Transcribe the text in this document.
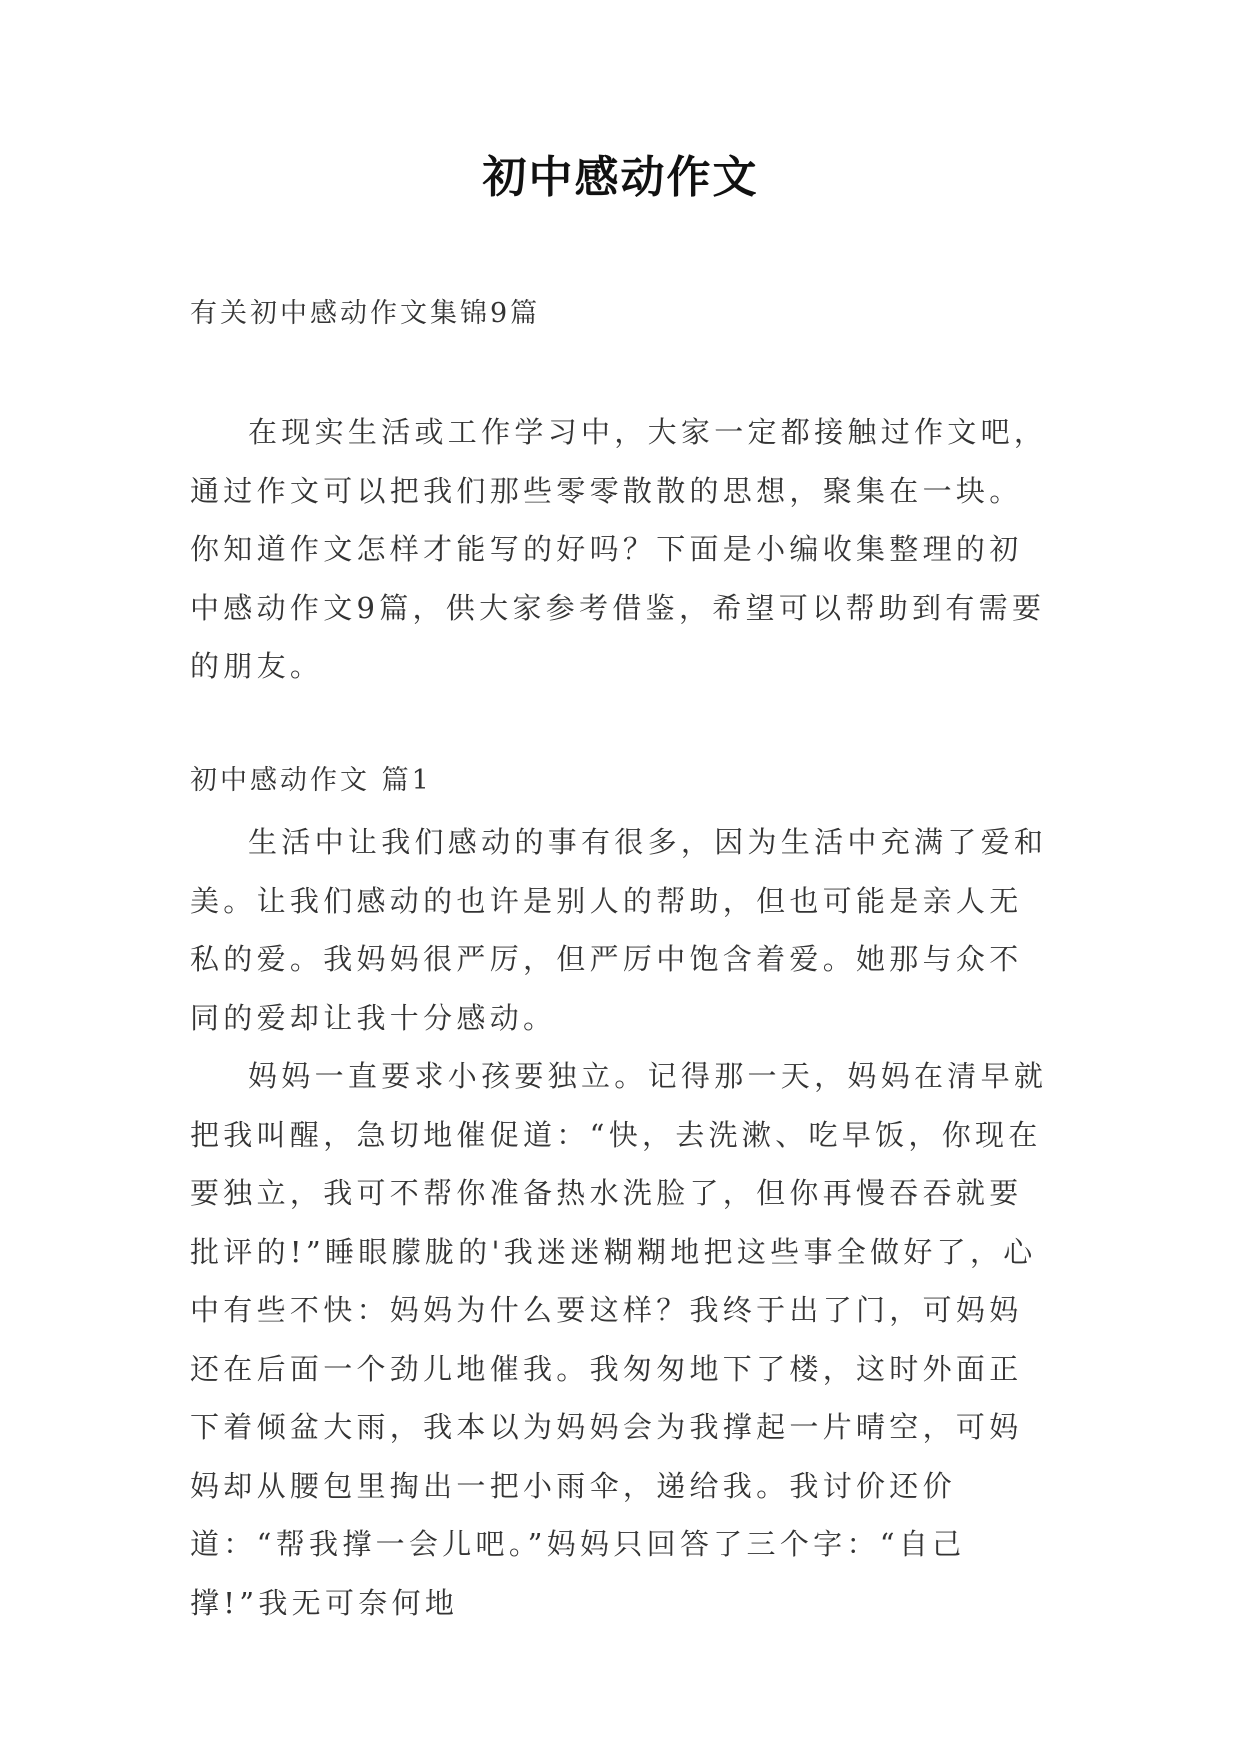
初中感动作文
有关初中感动作文集锦9篇

在现实生活或工作学习中，大家一定都接触过作文吧，通过作文可以把我们那些零零散散的思想，聚集在一块。你知道作文怎样才能写的好吗？下面是小编收集整理的初中感动作文9篇，供大家参考借鉴，希望可以帮助到有需要的朋友。

初中感动作文 篇1

生活中让我们感动的事有很多，因为生活中充满了爱和美。让我们感动的也许是别人的帮助，但也可能是亲人无私的爱。我妈妈很严厉，但严厉中饱含着爱。她那与众不同的爱却让我十分感动。

妈妈一直要求小孩要独立。记得那一天，妈妈在清早就把我叫醒，急切地催促道：“快，去洗漱、吃早饭，你现在要独立，我可不帮你准备热水洗脸了，但你再慢吞吞就要批评的!”睡眼朦胧的'我迷迷糊糊地把这些事全做好了，心中有些不快：妈妈为什么要这样？我终于出了门，可妈妈还在后面一个劲儿地催我。我匆匆地下了楼，这时外面正下着倾盆大雨，我本以为妈妈会为我撑起一片晴空，可妈妈却从腰包里掏出一把小雨伞，递给我。我讨价还价道：“帮我撑一会儿吧。”妈妈只回答了三个字：“自己撑!”我无可奈何地
